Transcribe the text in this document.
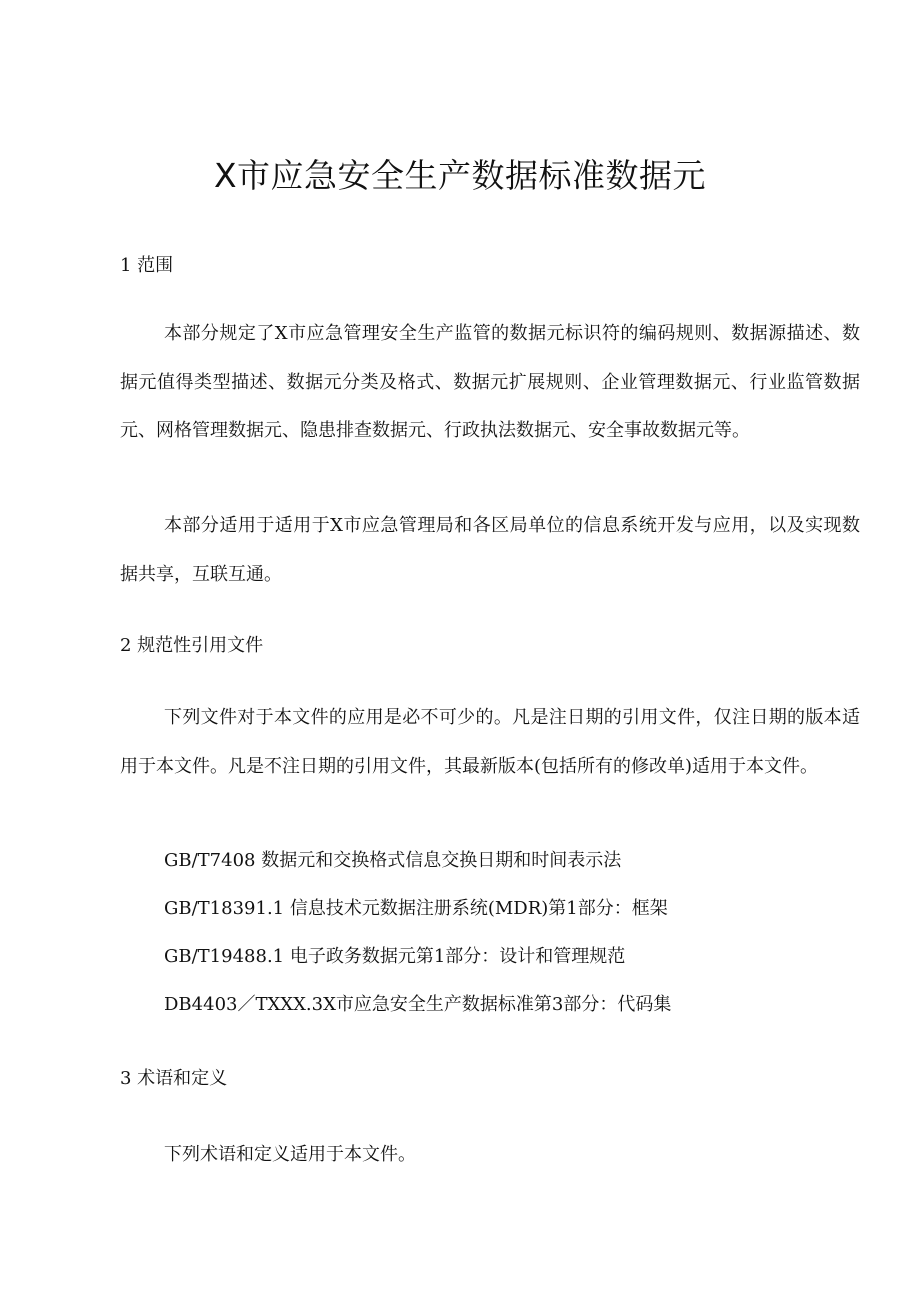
X市应急安全生产数据标准数据元
1 范围

本部分规定了X市应急管理安全生产监管的数据元标识符的编码规则、数据源描述、数据元值得类型描述、数据元分类及格式、数据元扩展规则、企业管理数据元、行业监管数据元、网格管理数据元、隐患排查数据元、行政执法数据元、安全事故数据元等。

本部分适用于适用于X市应急管理局和各区局单位的信息系统开发与应用，以及实现数据共享，互联互通。

2 规范性引用文件

下列文件对于本文件的应用是必不可少的。凡是注日期的引用文件，仅注日期的版本适用于本文件。凡是不注日期的引用文件，其最新版本(包括所有的修改单)适用于本文件。

GB/T7408 数据元和交换格式信息交换日期和时间表示法
GB/T18391.1 信息技术元数据注册系统(MDR)第1部分：框架
GB/T19488.1 电子政务数据元第1部分：设计和管理规范
DB4403／TXXX.3X市应急安全生产数据标准第3部分：代码集
3 术语和定义

下列术语和定义适用于本文件。
